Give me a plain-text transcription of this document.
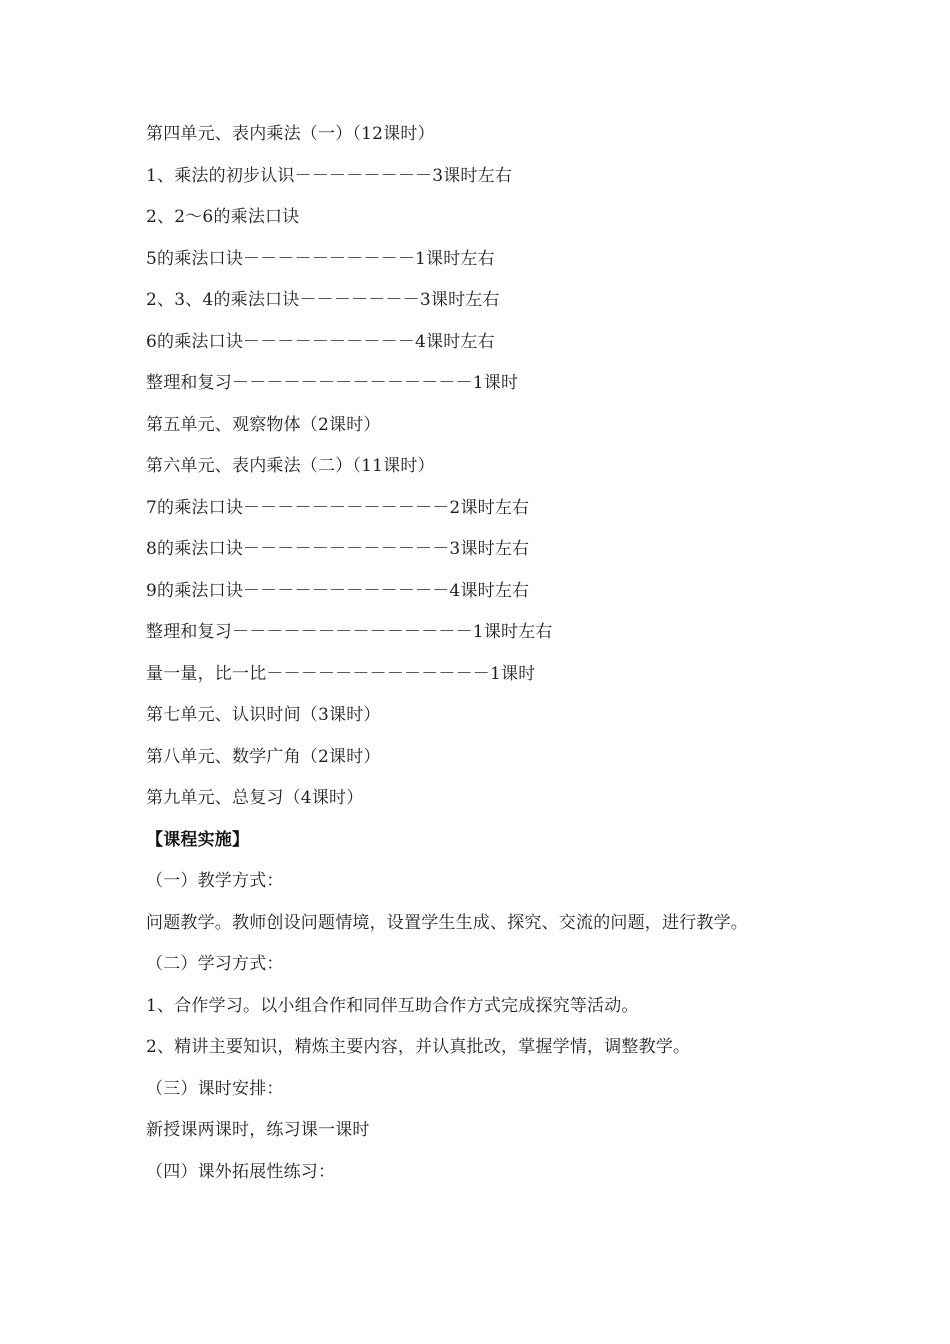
第四单元、表内乘法（一）（12课时）
1、乘法的初步认识－－－－－－－－3课时左右
2、2～6的乘法口诀
5的乘法口诀－－－－－－－－－－1课时左右
2、3、4的乘法口诀－－－－－－－3课时左右
6的乘法口诀－－－－－－－－－－4课时左右
整理和复习－－－－－－－－－－－－－－1课时
第五单元、观察物体（2课时）
第六单元、表内乘法（二）（11课时）
7的乘法口诀－－－－－－－－－－－－2课时左右
8的乘法口诀－－－－－－－－－－－－3课时左右
9的乘法口诀－－－－－－－－－－－－4课时左右
整理和复习－－－－－－－－－－－－－－1课时左右
量一量，比一比－－－－－－－－－－－－－1课时
第七单元、认识时间（3课时）
第八单元、数学广角（2课时）
第九单元、总复习（4课时）
【课程实施】
（一）教学方式：
问题教学。教师创设问题情境，设置学生生成、探究、交流的问题，进行教学。
（二）学习方式：
1、合作学习。以小组合作和同伴互助合作方式完成探究等活动。
2、精讲主要知识，精炼主要内容，并认真批改，掌握学情，调整教学。
（三）课时安排：
新授课两课时，练习课一课时
（四）课外拓展性练习：
